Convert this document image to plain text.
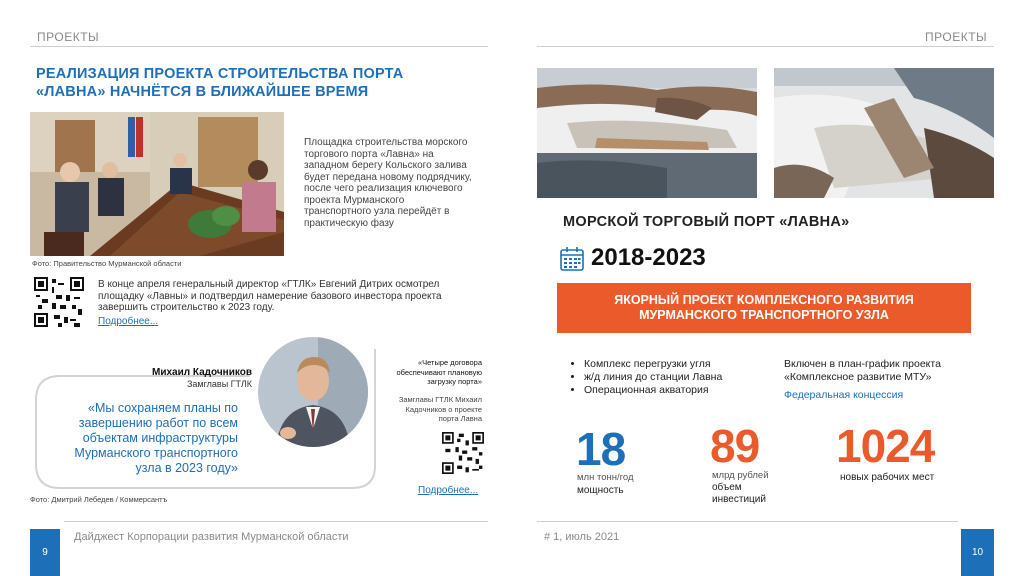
ПРОЕКТЫ
РЕАЛИЗАЦИЯ ПРОЕКТА СТРОИТЕЛЬСТВА ПОРТА «ЛАВНА» НАЧНЁТСЯ В БЛИЖАЙШЕЕ ВРЕМЯ
Фото: Правительство Мурманской области
Площадка строительства морского торгового порта «Лавна» на западном берегу Кольского залива будет передана новому подрядчику, после чего реализация ключевого проекта Мурманского транспортного узла перейдёт в практическую фазу
В конце апреля генеральный директор «ГТЛК» Евгений Дитрих осмотрел площадку «Лавны» и подтвердил намерение базового инвестора проекта завершить строительство к 2023 году.
Подробнее...
Михаил Кадочников
Замглавы ГТЛК
«Мы сохраняем планы по завершению работ по всем объектам инфраструктуры Мурманского транспортного узла в 2023 году»
Фото: Дмитрий Лебедев / Коммерсантъ
«Четыре договора обеспечивают плановую загрузку порта»
Замглавы ГТЛК Михаил Кадочников о проекте порта Лавна
Подробнее...
9
Дайджест Корпорации развития Мурманской области
ПРОЕКТЫ
МОРСКОЙ ТОРГОВЫЙ ПОРТ «ЛАВНА»
2018-2023
ЯКОРНЫЙ ПРОЕКТ КОМПЛЕКСНОГО РАЗВИТИЯ МУРМАНСКОГО ТРАНСПОРТНОГО УЗЛА
• Комплекс перегрузки угля
• ж/д линия до станции Лавна
• Операционная акватория
Включен в план-график проекта «Комплексное развитие МТУ»
Федеральная концессия
18
млн тонн/год
мощность
89
млрд рублей
объем инвестиций
1024
новых рабочих мест
# 1, июль 2021
10
